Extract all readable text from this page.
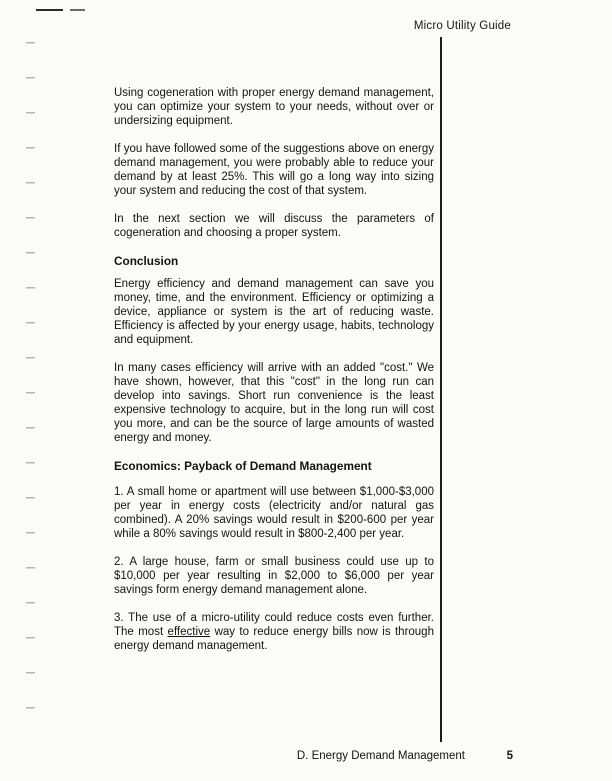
Micro Utility Guide

Using cogeneration with proper energy demand management, you can optimize your system to your needs, without over or undersizing equipment.

If you have followed some of the suggestions above on energy demand management, you were probably able to reduce your demand by at least 25%. This will go a long way into sizing your system and reducing the cost of that system.

In the next section we will discuss the parameters of cogeneration and choosing a proper system.

Conclusion

Energy efficiency and demand management can save you money, time, and the environment. Efficiency or optimizing a device, appliance or system is the art of reducing waste. Efficiency is affected by your energy usage, habits, technology and equipment.

In many cases efficiency will arrive with an added "cost." We have shown, however, that this "cost" in the long run can develop into savings. Short run convenience is the least expensive technology to acquire, but in the long run will cost you more, and can be the source of large amounts of wasted energy and money.

Economics: Payback of Demand Management

1. A small home or apartment will use between $1,000-$3,000 per year in energy costs (electricity and/or natural gas combined). A 20% savings would result in $200-600 per year while a 80% savings would result in $800-2,400 per year.

2. A large house, farm or small business could use up to $10,000 per year resulting in $2,000 to $6,000 per year savings form energy demand management alone.

3. The use of a micro-utility could reduce costs even further. The most effective way to reduce energy bills now is through energy demand management.

D. Energy Demand Management	5
